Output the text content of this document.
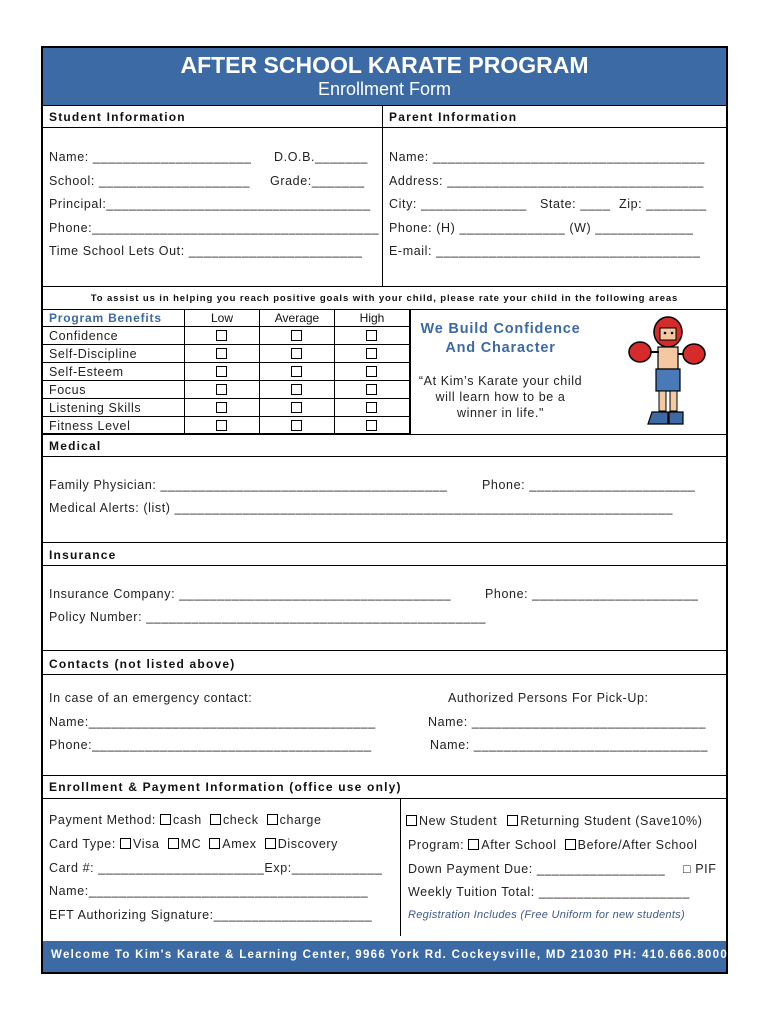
AFTER SCHOOL KARATE PROGRAM
Enrollment Form
Student Information	Parent Information
Name: _____________________ D.O.B._______
School: ____________________ Grade:_______
Principal:___________________________________
Phone:______________________________________
Time School Lets Out: _______________________
Name: ____________________________________
Address: __________________________________
City: ______________ State: ____ Zip: ________
Phone: (H) ______________ (W) _____________
E-mail: ___________________________________
To assist us in helping you reach positive goals with your child, please rate your child in the following areas
Program Benefits	Low	Average	High
Confidence
Self-Discipline
Self-Esteem
Focus
Listening Skills
Fitness Level
We Build Confidence
And Character
“At Kim’s Karate your child
will learn how to be a
winner in life."
Medical
Family Physician: ______________________________________	Phone: ______________________
Medical Alerts: (list) __________________________________________________________________
Insurance
Insurance Company: ____________________________________	Phone: ______________________
Policy Number: _____________________________________________
Contacts (not listed above)
In case of an emergency contact:	Authorized Persons For Pick-Up:
Name:______________________________________	Name: _______________________________
Phone:_____________________________________	Name: _______________________________
Enrollment & Payment Information (office use only)
Payment Method: cash check charge
Card Type: Visa MC Amex Discovery
Card #: ______________________Exp:____________
Name:_____________________________________
EFT Authorizing Signature:_____________________
New Student Returning Student (Save10%)
Program: After School Before/After School
Down Payment Due: _________________ □ PIF
Weekly Tuition Total: ____________________
Registration Includes (Free Uniform for new students)
Welcome To Kim's Karate & Learning Center, 9966 York Rd. Cockeysville, MD 21030 PH: 410.666.8000
